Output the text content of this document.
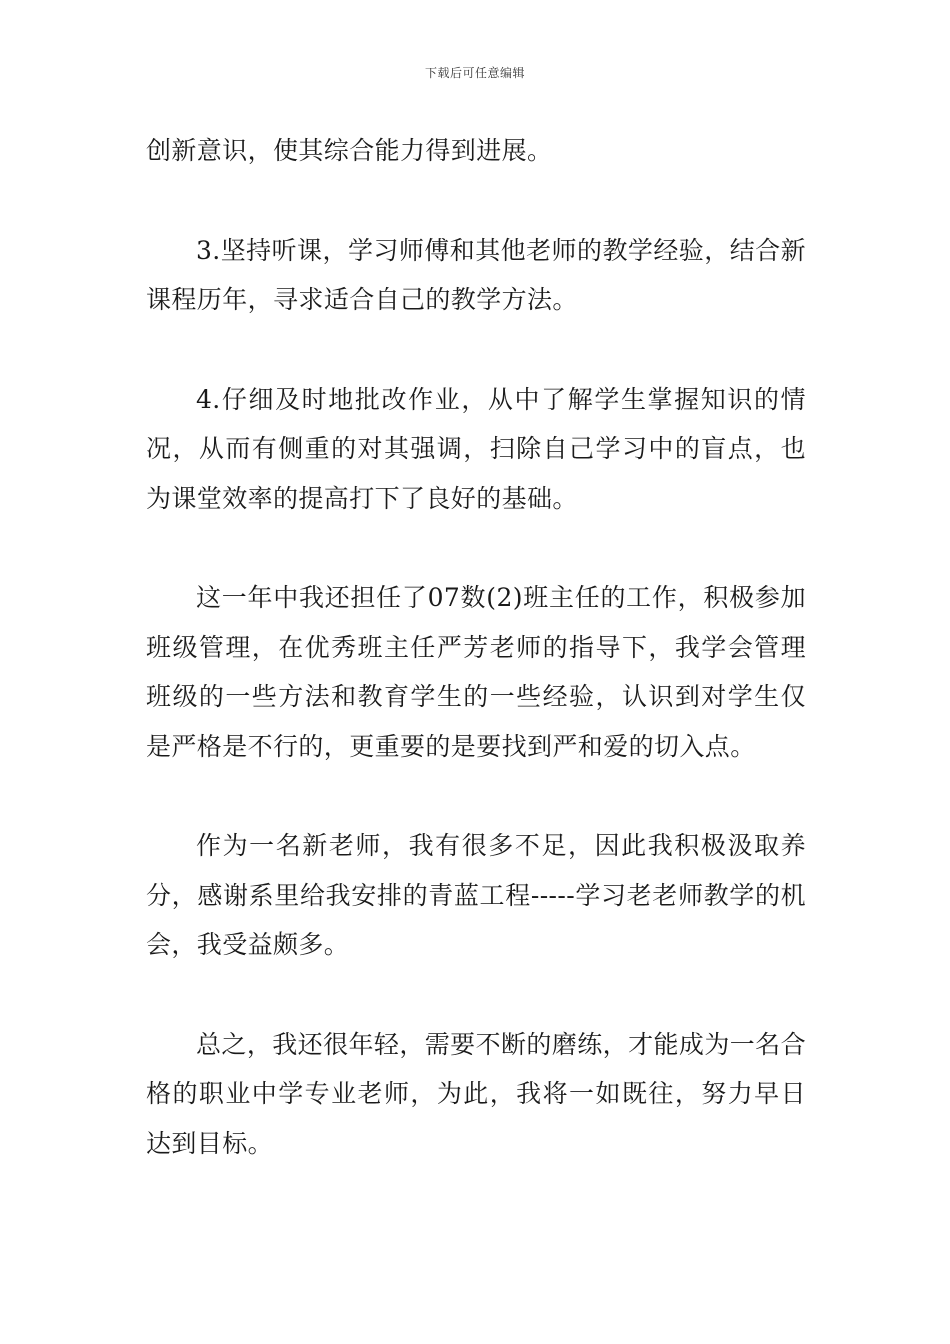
下载后可任意编辑

创新意识，使其综合能力得到进展。

3.坚持听课，学习师傅和其他老师的教学经验，结合新课程历年，寻求适合自己的教学方法。

4.仔细及时地批改作业，从中了解学生掌握知识的情况，从而有侧重的对其强调，扫除自己学习中的盲点，也为课堂效率的提高打下了良好的基础。

这一年中我还担任了07数(2)班主任的工作，积极参加班级管理，在优秀班主任严芳老师的指导下，我学会管理班级的一些方法和教育学生的一些经验，认识到对学生仅是严格是不行的，更重要的是要找到严和爱的切入点。

作为一名新老师，我有很多不足，因此我积极汲取养分，感谢系里给我安排的青蓝工程-----学习老老师教学的机会，我受益颇多。

总之，我还很年轻，需要不断的磨练，才能成为一名合格的职业中学专业老师，为此，我将一如既往，努力早日达到目标。
